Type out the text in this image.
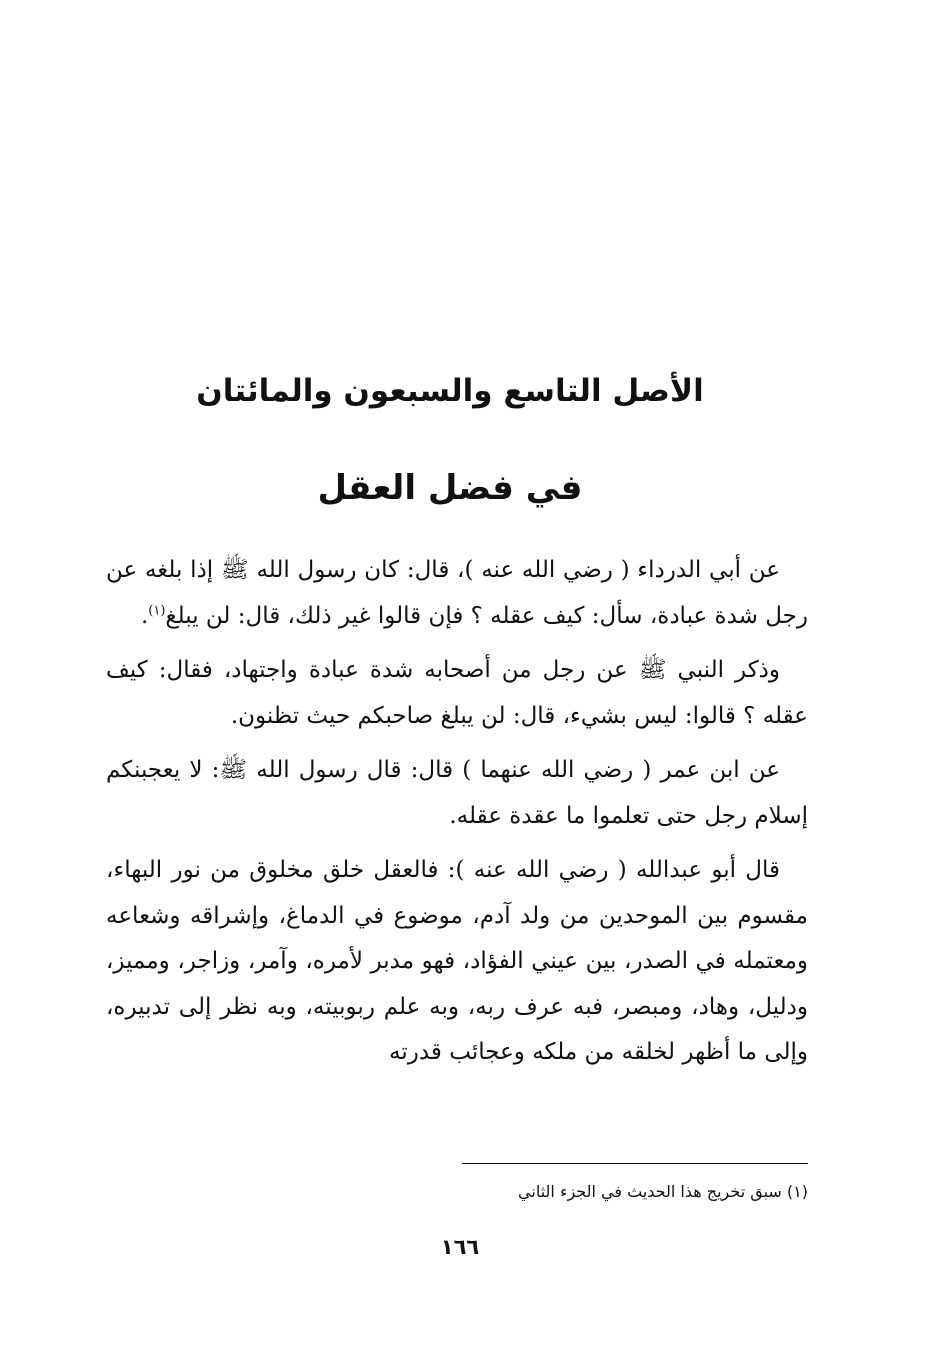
الأصل التاسع والسبعون والمائتان
في فضل العقل

عن أبي الدرداء ( رضي الله عنه )، قال: كان رسول الله ﷺ إذا بلغه عن رجل شدة عبادة، سأل: كيف عقله ؟ فإن قالوا غير ذلك، قال: لن يبلغ$^{(١)}$.

وذكر النبي ﷺ عن رجل من أصحابه شدة عبادة واجتهاد، فقال: كيف عقله ؟ قالوا: ليس بشيء، قال: لن يبلغ صاحبكم حيث تظنون.

عن ابن عمر ( رضي الله عنهما ) قال: قال رسول الله ﷺ: لا يعجبنكم إسلام رجل حتى تعلموا ما عقدة عقله.

قال أبو عبدالله ( رضي الله عنه ): فالعقل خلق مخلوق من نور البهاء، مقسوم بين الموحدين من ولد آدم، موضوع في الدماغ، وإشراقه وشعاعه ومعتمله في الصدر، بين عيني الفؤاد، فهو مدبر لأمره، وآمر، وزاجر، ومميز، ودليل، وهاد، ومبصر، فبه عرف ربه، وبه علم ربوبيته، وبه نظر إلى تدبيره، وإلى ما أظهر لخلقه من ملكه وعجائب قدرته

(١) سبق تخريج هذا الحديث في الجزء الثاني
١٦٦
